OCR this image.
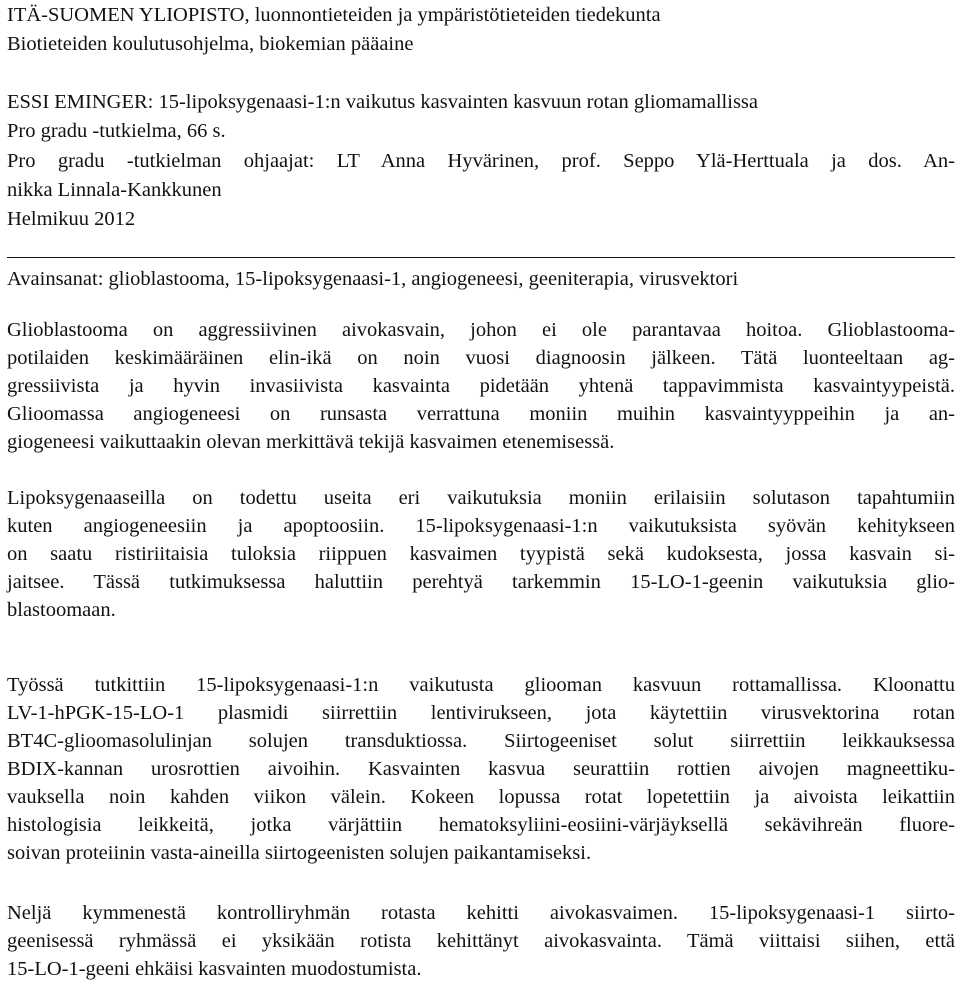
ITÄ-SUOMEN YLIOPISTO, luonnontieteiden ja ympäristötieteiden tiedekunta
Biotieteiden koulutusohjelma, biokemian pääaine
ESSI EMINGER: 15-lipoksygenaasi-1:n vaikutus kasvainten kasvuun rotan gliomamallissa
Pro gradu -tutkielma, 66 s.
Pro gradu -tutkielman ohjaajat: LT Anna Hyvärinen, prof. Seppo Ylä-Herttuala ja dos. An-
nikka Linnala-Kankkunen
Helmikuu 2012
Avainsanat: glioblastooma, 15-lipoksygenaasi-1, angiogeneesi, geeniterapia, virusvektori
Glioblastooma on aggressiivinen aivokasvain, johon ei ole parantavaa hoitoa. Glioblastooma-
potilaiden keskimääräinen elin-ikä on noin vuosi diagnoosin jälkeen. Tätä luonteeltaan ag-
gressiivista ja hyvin invasiivista kasvainta pidetään yhtenä tappavimmista kasvaintyypeistä.
Glioomassa angiogeneesi on runsasta verrattuna moniin muihin kasvaintyyppeihin ja an-
giogeneesi vaikuttaakin olevan merkittävä tekijä kasvaimen etenemisessä.
Lipoksygenaaseilla on todettu useita eri vaikutuksia moniin erilaisiin solutason tapahtumiin
kuten angiogeneesiin ja apoptoosiin. 15-lipoksygenaasi-1:n vaikutuksista syövän kehitykseen
on saatu ristiriitaisia tuloksia riippuen kasvaimen tyypistä sekä kudoksesta, jossa kasvain si-
jaitsee. Tässä tutkimuksessa haluttiin perehtyä tarkemmin 15-LO-1-geenin vaikutuksia glio-
blastoomaan.
Työssä tutkittiin 15-lipoksygenaasi-1:n vaikutusta gliooman kasvuun rottamallissa. Kloonattu
LV-1-hPGK-15-LO-1 plasmidi siirrettiin lentivirukseen, jota käytettiin virusvektorina rotan
BT4C-glioomasolulinjan solujen transduktiossa. Siirtogeeniset solut siirrettiin leikkauksessa
BDIX-kannan urosrottien aivoihin. Kasvainten kasvua seurattiin rottien aivojen magneettiku-
vauksella noin kahden viikon välein. Kokeen lopussa rotat lopetettiin ja aivoista leikattiin
histologisia leikkeitä, jotka värjättiin hematoksyliini-eosiini-värjäyksellä sekävihreän fluore-
soivan proteiinin vasta-aineilla siirtogeenisten solujen paikantamiseksi.
Neljä kymmenestä kontrolliryhmän rotasta kehitti aivokasvaimen. 15-lipoksygenaasi-1 siirto-
geenisessä ryhmässä ei yksikään rotista kehittänyt aivokasvainta. Tämä viittaisi siihen, että
15-LO-1-geeni ehkäisi kasvainten muodostumista.
